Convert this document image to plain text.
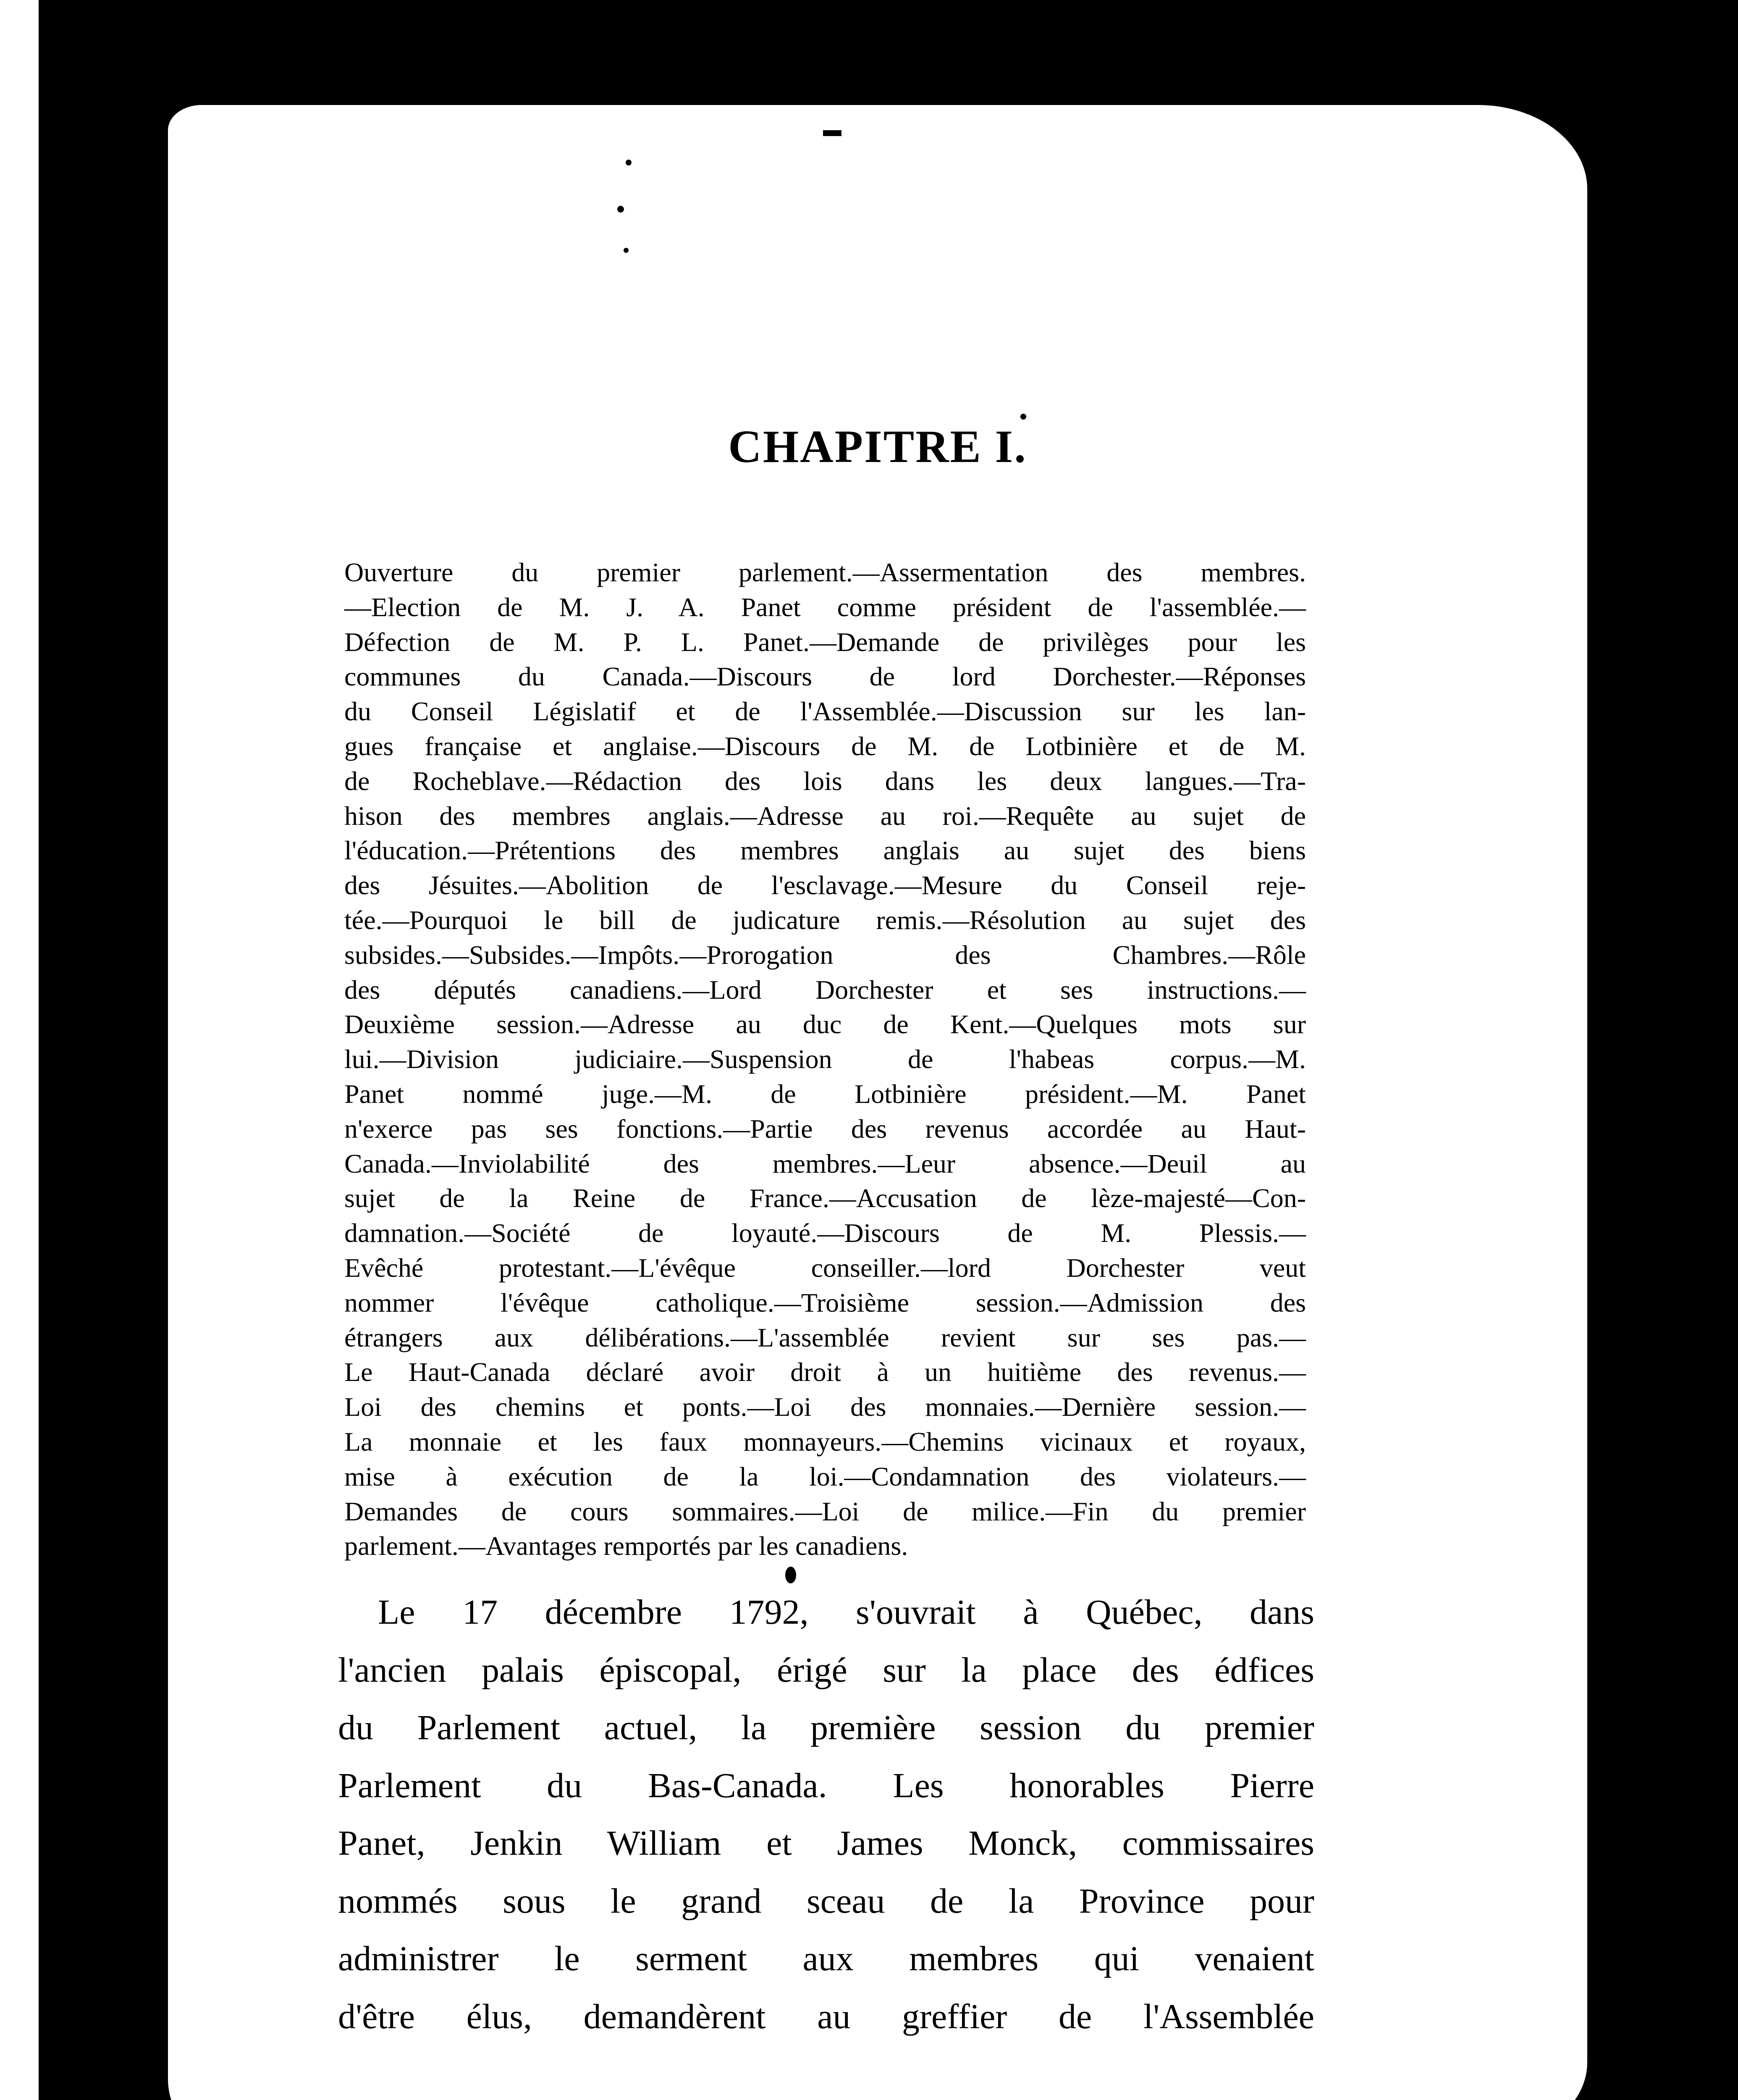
CHAPITRE I.
Ouverture du premier parlement.—Assermentation des membres.
—Election de M. J. A. Panet comme président de l'assemblée.—
Défection de M. P. L. Panet.—Demande de privilèges pour les
communes du Canada.—Discours de lord Dorchester.—Réponses
du Conseil Législatif et de l'Assemblée.—Discussion sur les lan-
gues française et anglaise.—Discours de M. de Lotbinière et de M.
de Rocheblave.—Rédaction des lois dans les deux langues.—Tra-
hison des membres anglais.—Adresse au roi.—Requête au sujet de
l'éducation.—Prétentions des membres anglais au sujet des biens
des Jésuites.—Abolition de l'esclavage.—Mesure du Conseil reje-
tée.—Pourquoi le bill de judicature remis.—Résolution au sujet des
subsides.—Subsides.—Impôts.—Prorogation des Chambres.—Rôle
des députés canadiens.—Lord Dorchester et ses instructions.—
Deuxième session.—Adresse au duc de Kent.—Quelques mots sur
lui.—Division judiciaire.—Suspension de l'habeas corpus.—M.
Panet nommé juge.—M. de Lotbinière président.—M. Panet
n'exerce pas ses fonctions.—Partie des revenus accordée au Haut-
Canada.—Inviolabilité des membres.—Leur absence.—Deuil au
sujet de la Reine de France.—Accusation de lèze-majesté—Con-
damnation.—Société de loyauté.—Discours de M. Plessis.—
Evêché protestant.—L'évêque conseiller.—lord Dorchester veut
nommer l'évêque catholique.—Troisième session.—Admission des
étrangers aux délibérations.—L'assemblée revient sur ses pas.—
Le Haut-Canada déclaré avoir droit à un huitième des revenus.—
Loi des chemins et ponts.—Loi des monnaies.—Dernière session.—
La monnaie et les faux monnayeurs.—Chemins vicinaux et royaux,
mise à exécution de la loi.—Condamnation des violateurs.—
Demandes de cours sommaires.—Loi de milice.—Fin du premier
parlement.—Avantages remportés par les canadiens.
Le 17 décembre 1792, s'ouvrait à Québec, dans
l'ancien palais épiscopal, érigé sur la place des édfices
du Parlement actuel, la première session du premier
Parlement du Bas-Canada. Les honorables Pierre
Panet, Jenkin William et James Monck, commissaires
nommés sous le grand sceau de la Province pour
administrer le serment aux membres qui venaient
d'être élus, demandèrent au greffier de l'Assemblée
